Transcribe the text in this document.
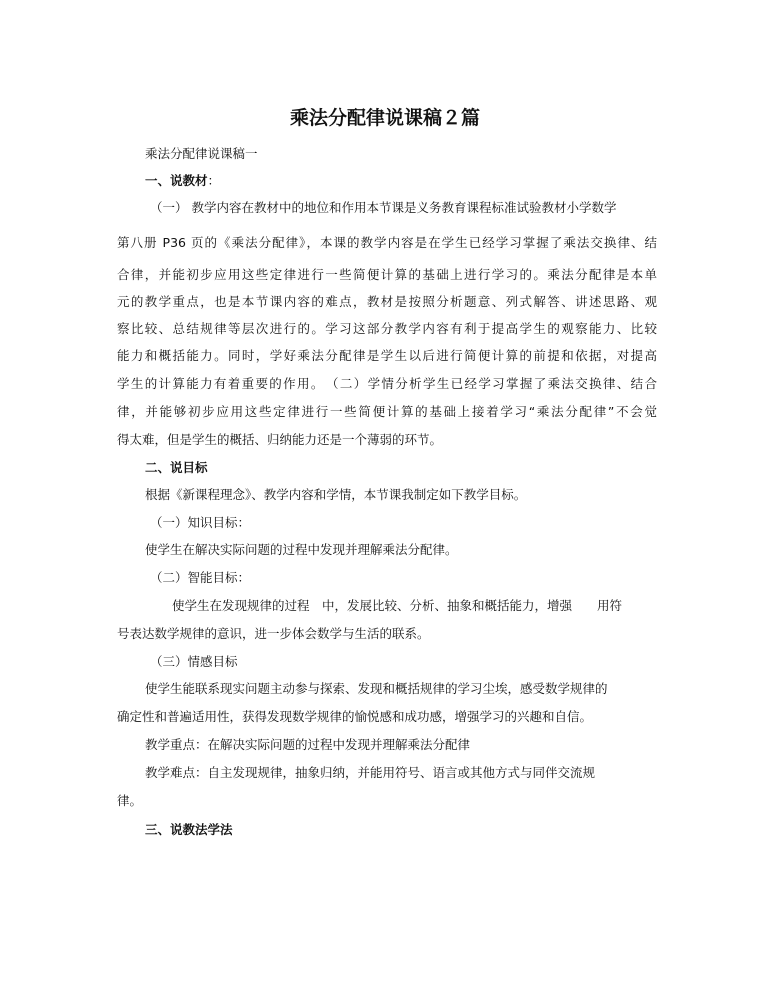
乘法分配律说课稿２篇

乘法分配律说课稿一

一、说教材：

（一） 教学内容在教材中的地位和作用本节课是义务教育课程标准试验教材小学数学

第八册 P36 页的《乘法分配律》，本课的教学内容是在学生已经学习掌握了乘法交换律、结

合律，并能初步应用这些定律进行一些简便计算的基础上进行学习的。乘法分配律是本单

元的教学重点，也是本节课内容的难点，教材是按照分析题意、列式解答、讲述思路、观

察比较、总结规律等层次进行的。学习这部分教学内容有利于提高学生的观察能力、比较

能力和概括能力。同时，学好乘法分配律是学生以后进行简便计算的前提和依据，对提高

学生的计算能力有着重要的作用。　（二）学情分析学生已经学习掌握了乘法交换律、结合

律，并能够初步应用这些定律进行一些简便计算的基础上接着学习“乘法分配律”不会觉

得太难，但是学生的概括、归纳能力还是一个薄弱的环节。

二、说目标

根据《新课程理念》、教学内容和学情，本节课我制定如下教学目标。

（一）知识目标：

使学生在解决实际问题的过程中发现并理解乘法分配律。

（二）智能目标：

使学生在发现规律的过程　中，发展比较、分析、抽象和概括能力，增强　　用符

号表达数学规律的意识，进一步体会数学与生活的联系。

（三）情感目标

使学生能联系现实问题主动参与探索、发现和概括规律的学习尘埃，感受数学规律的

确定性和普遍适用性，获得发现数学规律的愉悦感和成功感，增强学习的兴趣和自信。

教学重点：在解决实际问题的过程中发现并理解乘法分配律

教学难点：自主发现规律，抽象归纳，并能用符号、语言或其他方式与同伴交流规

律。

三、说教法学法
